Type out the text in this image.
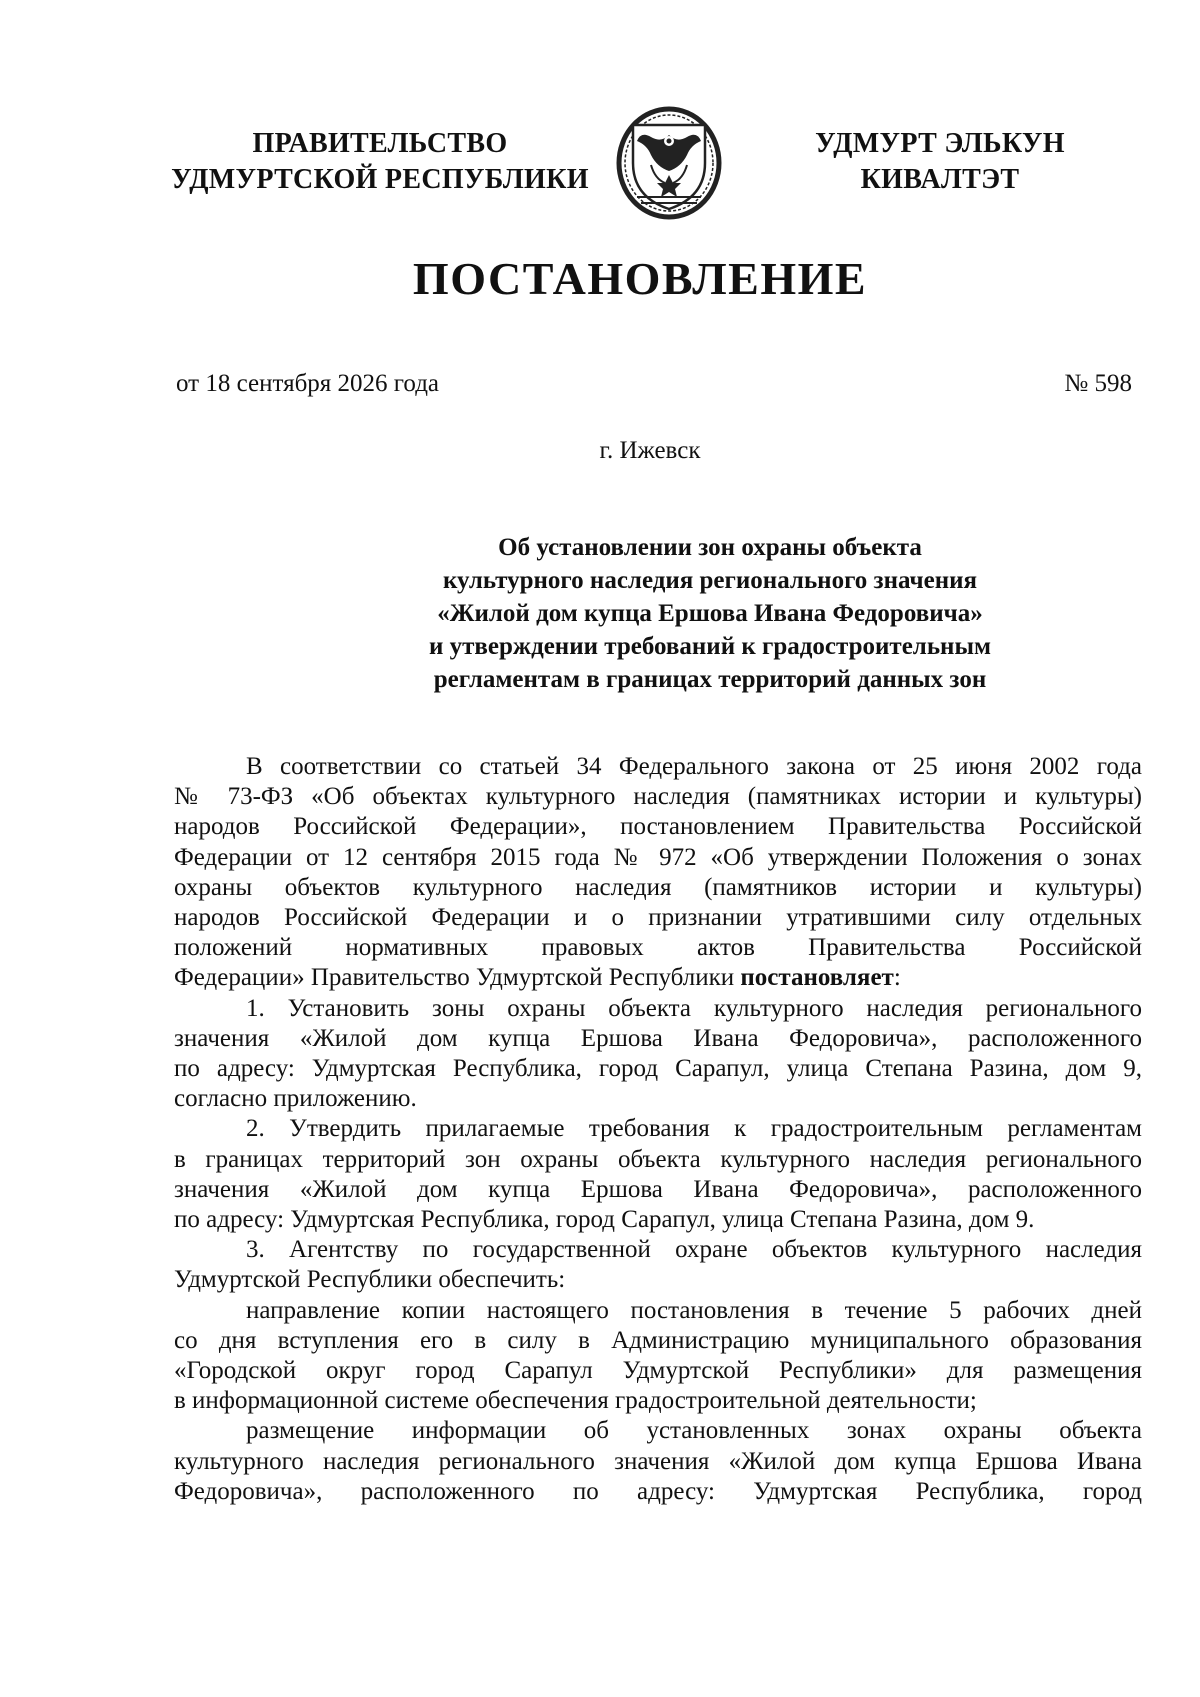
ПРАВИТЕЛЬСТВО
УДМУРТСКОЙ РЕСПУБЛИКИ
УДМУРТ ЭЛЬКУН
КИВАЛТЭТ
ПОСТАНОВЛЕНИЕ
от 18 сентября 2026 года	№ 598
г. Ижевск
Об установлении зон охраны объекта
культурного наследия регионального значения
«Жилой дом купца Ершова Ивана Федоровича»
и утверждении требований к градостроительным
регламентам в границах территорий данных зон
В соответствии со статьей 34 Федерального закона от 25 июня 2002 года
№ 73-ФЗ «Об объектах культурного наследия (памятниках истории и культуры)
народов Российской Федерации», постановлением Правительства Российской
Федерации от 12 сентября 2015 года № 972 «Об утверждении Положения о зонах
охраны объектов культурного наследия (памятников истории и культуры)
народов Российской Федерации и о признании утратившими силу отдельных
положений нормативных правовых актов Правительства Российской
Федерации» Правительство Удмуртской Республики постановляет:
1. Установить зоны охраны объекта культурного наследия регионального
значения «Жилой дом купца Ершова Ивана Федоровича», расположенного
по адресу: Удмуртская Республика, город Сарапул, улица Степана Разина, дом 9,
согласно приложению.
2. Утвердить прилагаемые требования к градостроительным регламентам
в границах территорий зон охраны объекта культурного наследия регионального
значения «Жилой дом купца Ершова Ивана Федоровича», расположенного
по адресу: Удмуртская Республика, город Сарапул, улица Степана Разина, дом 9.
3. Агентству по государственной охране объектов культурного наследия
Удмуртской Республики обеспечить:
направление копии настоящего постановления в течение 5 рабочих дней
со дня вступления его в силу в Администрацию муниципального образования
«Городской округ город Сарапул Удмуртской Республики» для размещения
в информационной системе обеспечения градостроительной деятельности;
размещение информации об установленных зонах охраны объекта
культурного наследия регионального значения «Жилой дом купца Ершова Ивана
Федоровича», расположенного по адресу: Удмуртская Республика, город
